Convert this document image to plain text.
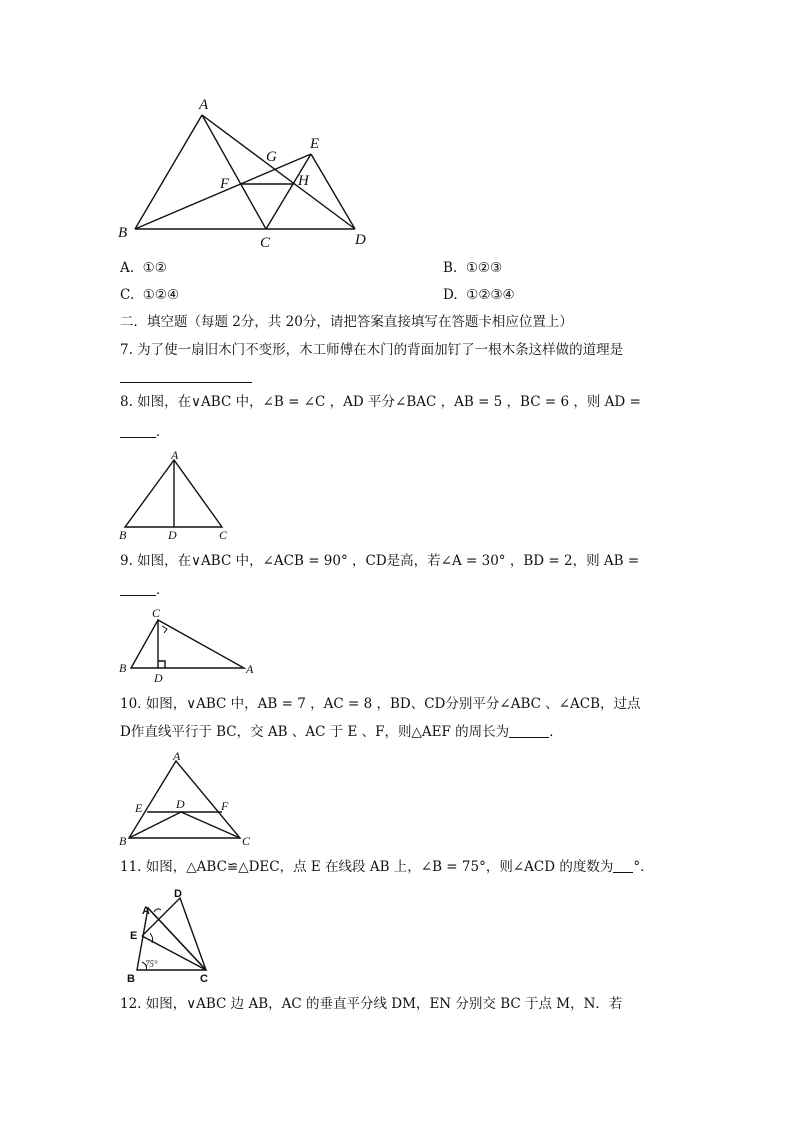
A
B
C	D
E
F
G
H
A. ①②	B. ①②③
C. ①②④	D. ①②③④
二．填空题（每题 2分，共 20分，请把答案直接填写在答题卡相应位置上）
7. 为了使一扇旧木门不变形，木工师傅在木门的背面加钉了一根木条这样做的道理是
8. 如图，在∨ABC 中，∠B = ∠C ，AD 平分∠BAC ，AB = 5 ，BC = 6 ，则 AD =
．
A
B	D	C
9. 如图，在∨ABC 中，∠ACB = 90° ，CD是高，若∠A = 30° ，BD = 2，则 AB =
．
C
B
D
A
10. 如图，∨ABC 中，AB = 7 ，AC = 8 ，BD、CD分别平分∠ABC 、∠ACB，过点
D作直线平行于 BC，交 AB 、AC 于 E 、F，则△AEF 的周长为	．
A
E	D	F
B	C
11. 如图，△ABC≌△DEC，点 E 在线段 AB 上，∠B = 75°，则∠ACD 的度数为 °．
D
A
E
B	C
75°
12. 如图，∨ABC 边 AB，AC 的垂直平分线 DM，EN 分别交 BC 于点 M，N．若
